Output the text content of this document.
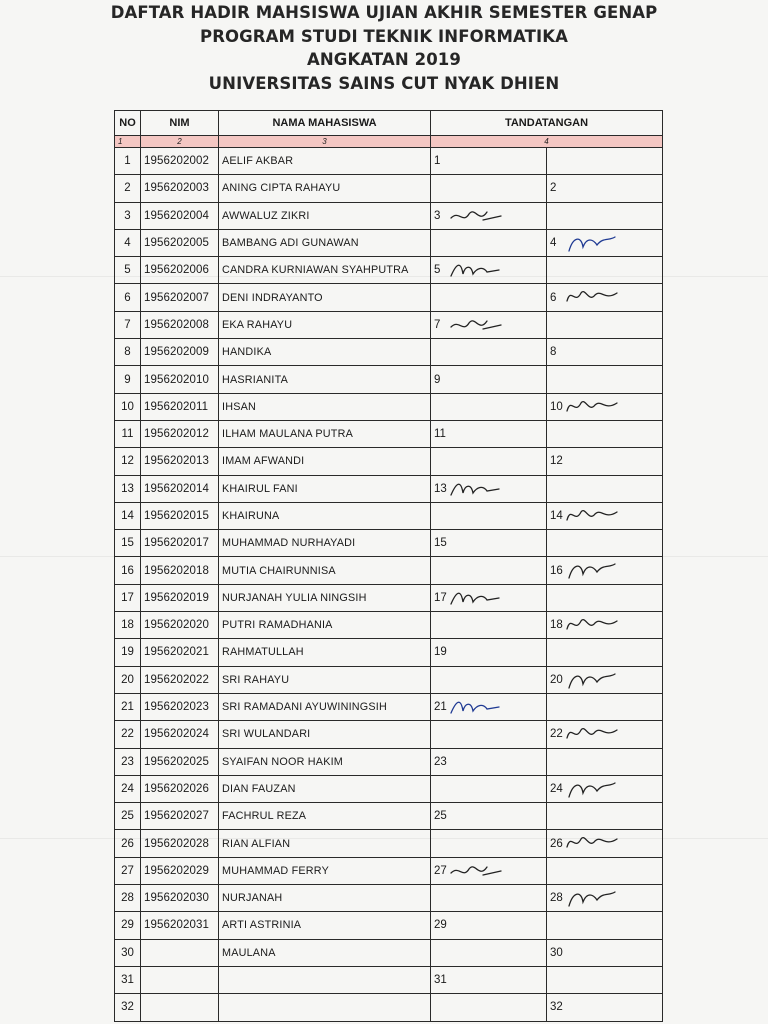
DAFTAR HADIR MAHSISWA UJIAN AKHIR SEMESTER GENAP
PROGRAM STUDI TEKNIK INFORMATIKA
ANGKATAN 2019
UNIVERSITAS SAINS CUT NYAK DHIEN
NO	NIM	NAMA MAHASISWA	TANDATANGAN	
1	2	3	4	
1	1956202002	AELIF AKBAR	1	
2	1956202003	ANING CIPTA RAHAYU		2
3	1956202004	AWWALUZ ZIKRI	3

4	1956202005	BAMBANG ADI GUNAWAN		4

5	1956202006	CANDRA KURNIAWAN SYAHPUTRA	5

6	1956202007	DENI INDRAYANTO		6

7	1956202008	EKA RAHAYU	7

8	1956202009	HANDIKA		8
9	1956202010	HASRIANITA	9	
10	1956202011	IHSAN		10

11	1956202012	ILHAM MAULANA PUTRA	11	
12	1956202013	IMAM AFWANDI		12
13	1956202014	KHAIRUL FANI	13

14	1956202015	KHAIRUNA		14

15	1956202017	MUHAMMAD NURHAYADI	15	
16	1956202018	MUTIA CHAIRUNNISA		16

17	1956202019	NURJANAH YULIA NINGSIH	17

18	1956202020	PUTRI RAMADHANIA		18

19	1956202021	RAHMATULLAH	19	
20	1956202022	SRI RAHAYU		20

21	1956202023	SRI RAMADANI AYUWININGSIH	21

22	1956202024	SRI WULANDARI		22

23	1956202025	SYAIFAN NOOR HAKIM	23	
24	1956202026	DIAN FAUZAN		24

25	1956202027	FACHRUL REZA	25	
26	1956202028	RIAN ALFIAN		26

27	1956202029	MUHAMMAD FERRY	27

28	1956202030	NURJANAH		28

29	1956202031	ARTI ASTRINIA	29	
30		MAULANA		30
31			31	
32				32
